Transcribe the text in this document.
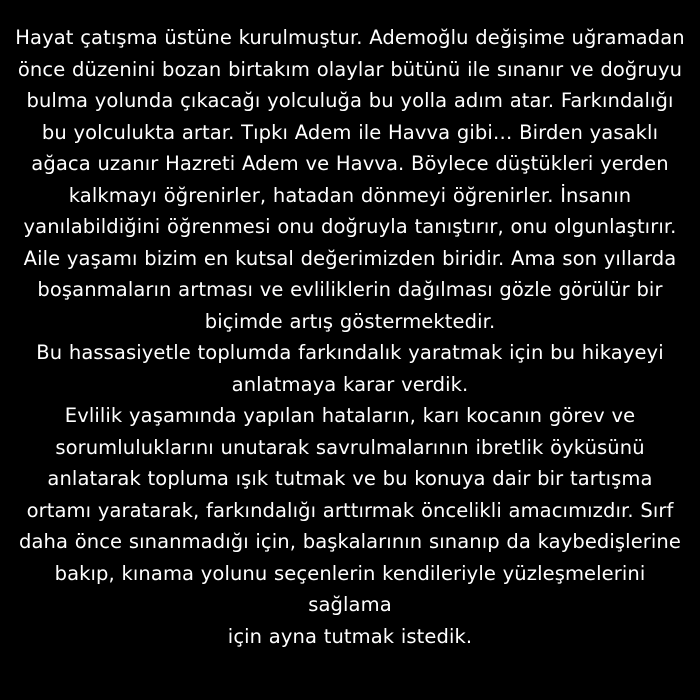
Hayat çatışma üstüne kurulmuştur. Ademoğlu değişime uğramadan önce düzenini bozan birtakım olaylar bütünü ile sınanır ve doğruyu bulma yolunda çıkacağı yolculuğa bu yolla adım atar. Farkındalığı bu yolculukta artar. Tıpkı Adem ile Havva gibi… Birden yasaklı ağaca uzanır Hazreti Adem ve Havva. Böylece düştükleri yerden kalkmayı öğrenirler, hatadan dönmeyi öğrenirler. İnsanın yanılabildiğini öğrenmesi onu doğruyla tanıştırır, onu olgunlaştırır.

Aile yaşamı bizim en kutsal değerimizden biridir. Ama son yıllarda boşanmaların artması ve evliliklerin dağılması gözle görülür bir biçimde artış göstermektedir.

Bu hassasiyetle toplumda farkındalık yaratmak için bu hikayeyi anlatmaya karar verdik.

Evlilik yaşamında yapılan hataların, karı kocanın görev ve sorumluluklarını unutarak savrulmalarının ibretlik öyküsünü anlatarak topluma ışık tutmak ve bu konuya dair bir tartışma ortamı yaratarak, farkındalığı arttırmak öncelikli amacımızdır. Sırf daha önce sınanmadığı için, başkalarının sınanıp da kaybedişlerine bakıp, kınama yolunu seçenlerin kendileriyle yüzleşmelerini sağlama

için ayna tutmak istedik.
